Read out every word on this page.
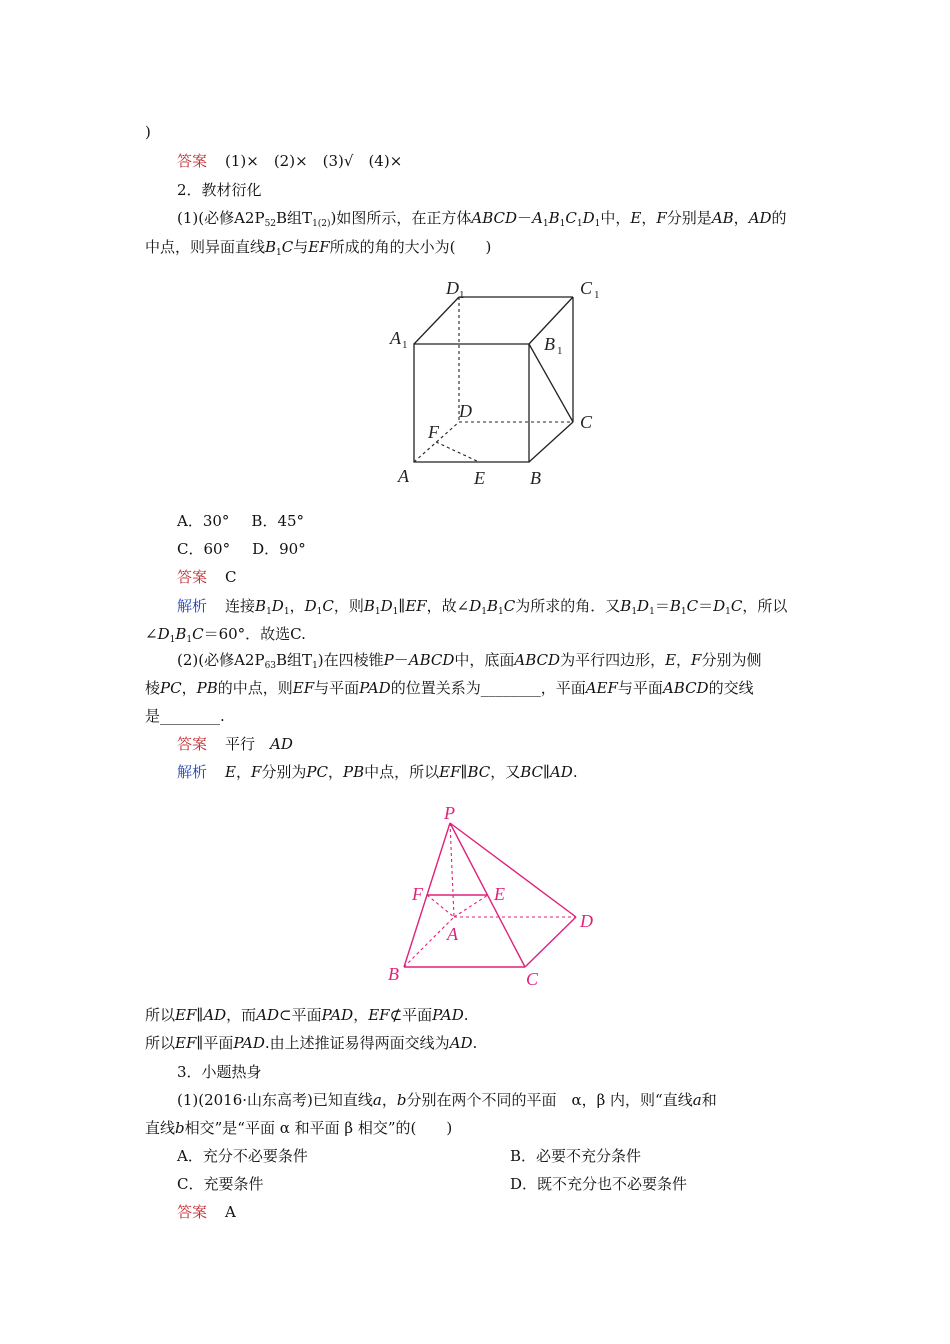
)
答案 (1)×　(2)×　(3)√　(4)×
2．教材衍化
(1)(必修$A2P_{52}B$组$T_{1(2)}$)如图所示，在正方体$ABCD-A_1B_1C_1D_1$中，E，F分别是AB，AD的
中点，则异面直线$B_1C$与EF所成的角的大小为(　　)
D 1	C 1
A 1	B 1
D
C
F
A	E	B
A．30° B．45°
C．60° D．90°
答案 C
解析 连接$B_1D_1$，$D_1C$，则$B_1D_1\parallel EF$，故$\angle D_1B_1C$为所求的角．又$B_1D_1=B_1C=D_1C$，所以
$\angle D_1B_1C=60^\circ$．故选C.
(2)(必修$A2P_{63}B$组$T_1$)在四棱锥P－ABCD中，底面ABCD为平行四边形，E，F分别为侧
棱PC，PB的中点，则EF与平面PAD的位置关系为________，平面AEF与平面ABCD的交线
是________.
答案 平行　AD
解析 E，F分别为PC，PB中点，所以EF∥BC，又BC∥AD.
P
F	E
A
D
B	C
所以EF∥AD，而AD⊂平面PAD，EF⊄平面PAD.
所以EF∥平面PAD.由上述推证易得两面交线为AD.
3．小题热身
(1)(2016·山东高考)已知直线a，b分别在两个不同的平面　α，β 内，则“直线a和
直线b相交”是“平面 α 和平面 β 相交”的(　　)
A．充分不必要条件	B．必要不充分条件
C．充要条件	D．既不充分也不必要条件
答案 A
